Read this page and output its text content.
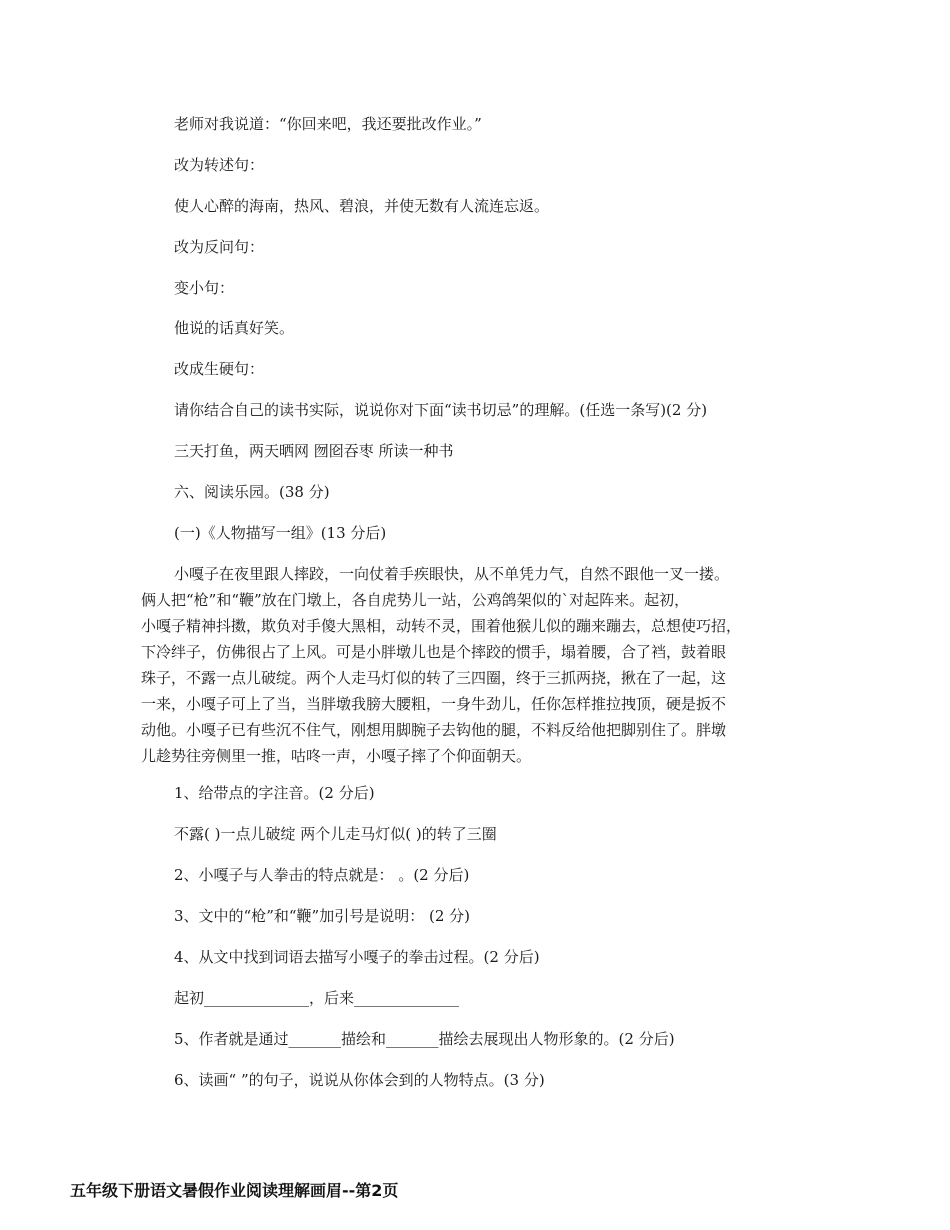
老师对我说道：“你回来吧，我还要批改作业。”
改为转述句：
使人心醉的海南，热风、碧浪，并使无数有人流连忘返。
改为反问句：
变小句：
他说的话真好笑。
改成生硬句：
请你结合自己的读书实际，说说你对下面“读书切忌”的理解。(任选一条写)(2 分)
三天打鱼，两天晒网 囫囵吞枣 所读一种书
六、阅读乐园。(38 分)
(一)《人物描写一组》(13 分后)
小嘎子在夜里跟人摔跤，一向仗着手疾眼快，从不单凭力气，自然不跟他一叉一搂。
俩人把“枪”和“鞭”放在门墩上，各自虎势儿一站，公鸡鸽架似的`对起阵来。起初，
小嘎子精神抖擞，欺负对手傻大黑相，动转不灵，围着他猴儿似的蹦来蹦去，总想使巧招，
下冷绊子，仿佛很占了上风。可是小胖墩儿也是个摔跤的惯手，塌着腰，合了裆，鼓着眼
珠子，不露一点儿破绽。两个人走马灯似的转了三四圈，终于三抓两挠，揪在了一起，这
一来，小嘎子可上了当，当胖墩我膀大腰粗，一身牛劲儿，任你怎样推拉拽顶，硬是扳不
动他。小嘎子已有些沉不住气，刚想用脚腕子去钩他的腿，不料反给他把脚别住了。胖墩
儿趁势往旁侧里一推，咕咚一声，小嘎子摔了个仰面朝天。
1、给带点的字注音。(2 分后)
不露( )一点儿破绽 两个儿走马灯似( )的转了三圈
2、小嘎子与人拳击的特点就是： 。(2 分后)
3、文中的“枪”和“鞭”加引号是说明： (2 分)
4、从文中找到词语去描写小嘎子的拳击过程。(2 分后)
起初______________，后来______________
5、作者就是通过_______描绘和_______描绘去展现出人物形象的。(2 分后)
6、读画“ ”的句子，说说从你体会到的人物特点。(3 分)
五年级下册语文暑假作业阅读理解画眉--第2页
